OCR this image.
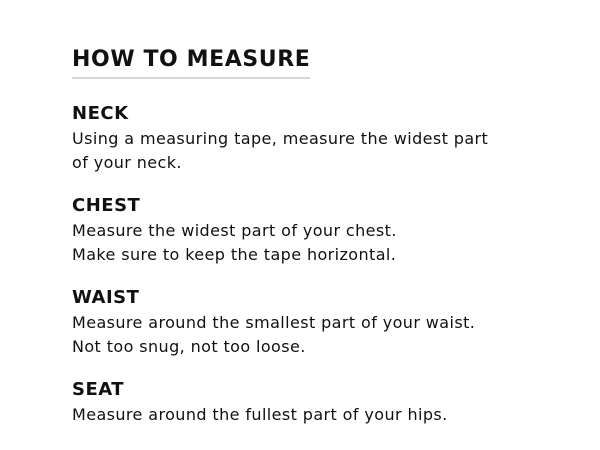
HOW TO MEASURE
NECK

Using a measuring tape, measure the widest part
of your neck.

CHEST

Measure the widest part of your chest.
Make sure to keep the tape horizontal.

WAIST

Measure around the smallest part of your waist.
Not too snug, not too loose.

SEAT

Measure around the fullest part of your hips.
